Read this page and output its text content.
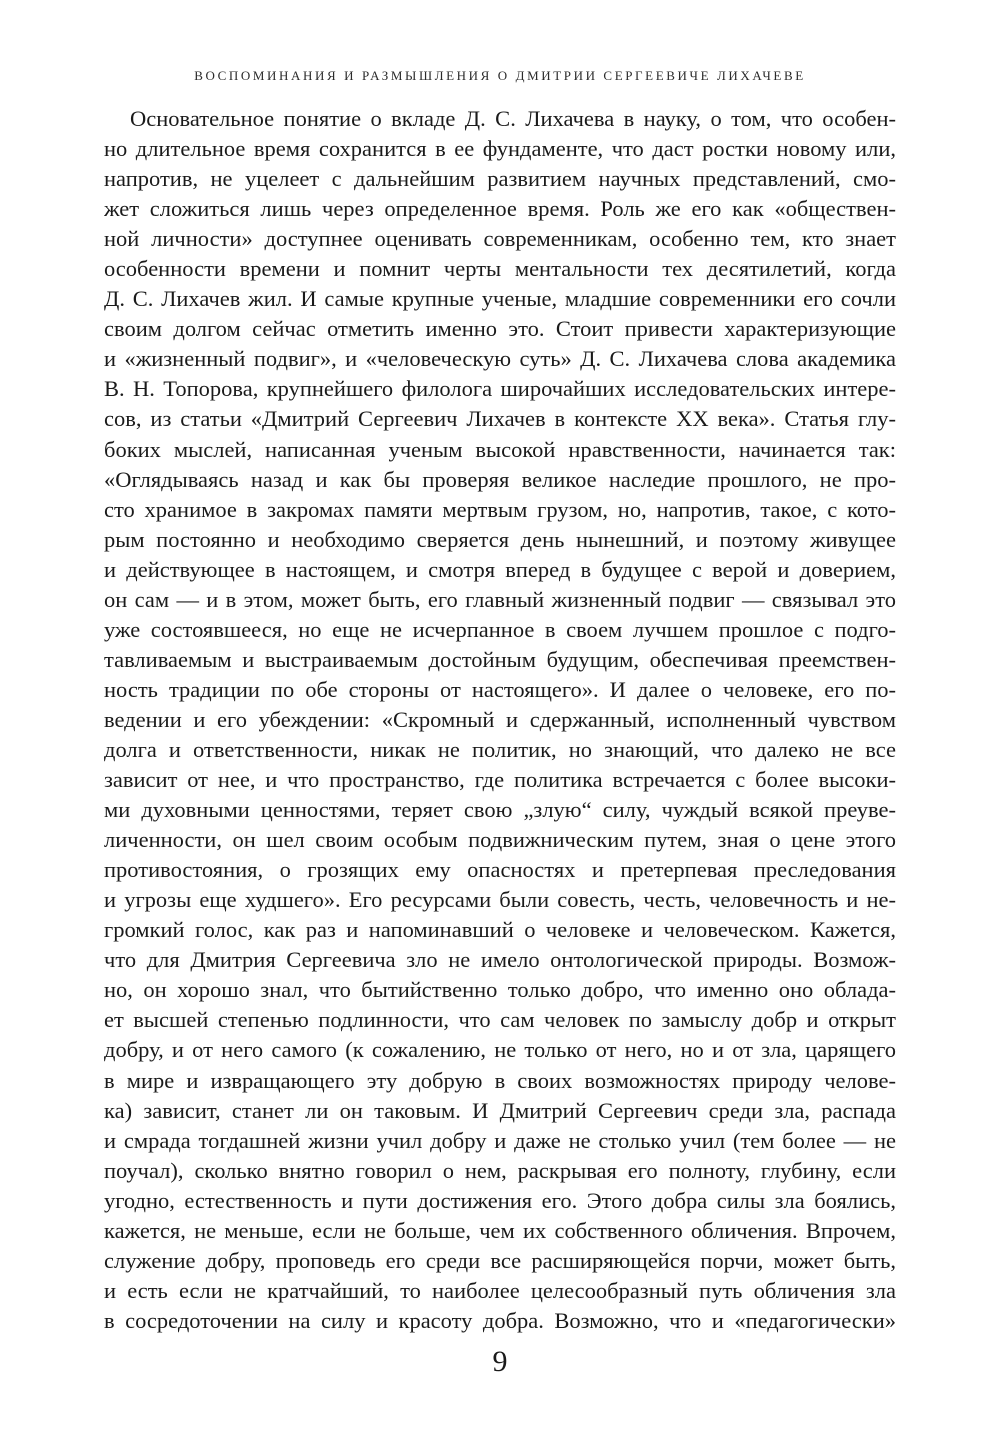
ВОСПОМИНАНИЯ И РАЗМЫШЛЕНИЯ О ДМИТРИИ СЕРГЕЕВИЧЕ ЛИХАЧЕВЕ
Основательное понятие о вкладе Д. С. Лихачева в науку, о том, что особен-
но длительное время сохранится в ее фундаменте, что даст ростки новому или,
напротив, не уцелеет с дальнейшим развитием научных представлений, смо-
жет сложиться лишь через определенное время. Роль же его как «обществен-
ной личности» доступнее оценивать современникам, особенно тем, кто знает
особенности времени и помнит черты ментальности тех десятилетий, когда
Д. С. Лихачев жил. И самые крупные ученые, младшие современники его сочли
своим долгом сейчас отметить именно это. Стоит привести характеризующие
и «жизненный подвиг», и «человеческую суть» Д. С. Лихачева слова академика
В. Н. Топорова, крупнейшего филолога широчайших исследовательских интере-
сов, из статьи «Дмитрий Сергеевич Лихачев в контексте XX века». Статья глу-
боких мыслей, написанная ученым высокой нравственности, начинается так:
«Оглядываясь назад и как бы проверяя великое наследие прошлого, не про-
сто хранимое в закромах памяти мертвым грузом, но, напротив, такое, с кото-
рым постоянно и необходимо сверяется день нынешний, и поэтому живущее
и действующее в настоящем, и смотря вперед в будущее с верой и доверием,
он сам — и в этом, может быть, его главный жизненный подвиг — связывал это
уже состоявшееся, но еще не исчерпанное в своем лучшем прошлое с подго-
тавливаемым и выстраиваемым достойным будущим, обеспечивая преемствен-
ность традиции по обе стороны от настоящего». И далее о человеке, его по-
ведении и его убеждении: «Скромный и сдержанный, исполненный чувством
долга и ответственности, никак не политик, но знающий, что далеко не все
зависит от нее, и что пространство, где политика встречается с более высоки-
ми духовными ценностями, теряет свою „злую“ силу, чуждый всякой преуве-
личенности, он шел своим особым подвижническим путем, зная о цене этого
противостояния, о грозящих ему опасностях и претерпевая преследования
и угрозы еще худшего». Его ресурсами были совесть, честь, человечность и не-
громкий голос, как раз и напоминавший о человеке и человеческом. Кажется,
что для Дмитрия Сергеевича зло не имело онтологической природы. Возмож-
но, он хорошо знал, что бытийственно только добро, что именно оно облада-
ет высшей степенью подлинности, что сам человек по замыслу добр и открыт
добру, и от него самого (к сожалению, не только от него, но и от зла, царящего
в мире и извращающего эту добрую в своих возможностях природу челове-
ка) зависит, станет ли он таковым. И Дмитрий Сергеевич среди зла, распада
и смрада тогдашней жизни учил добру и даже не столько учил (тем более — не
поучал), сколько внятно говорил о нем, раскрывая его полноту, глубину, если
угодно, естественность и пути достижения его. Этого добра силы зла боялись,
кажется, не меньше, если не больше, чем их собственного обличения. Впрочем,
служение добру, проповедь его среди все расширяющейся порчи, может быть,
и есть если не кратчайший, то наиболее целесообразный путь обличения зла
в сосредоточении на силу и красоту добра. Возможно, что и «педагогически»
9
